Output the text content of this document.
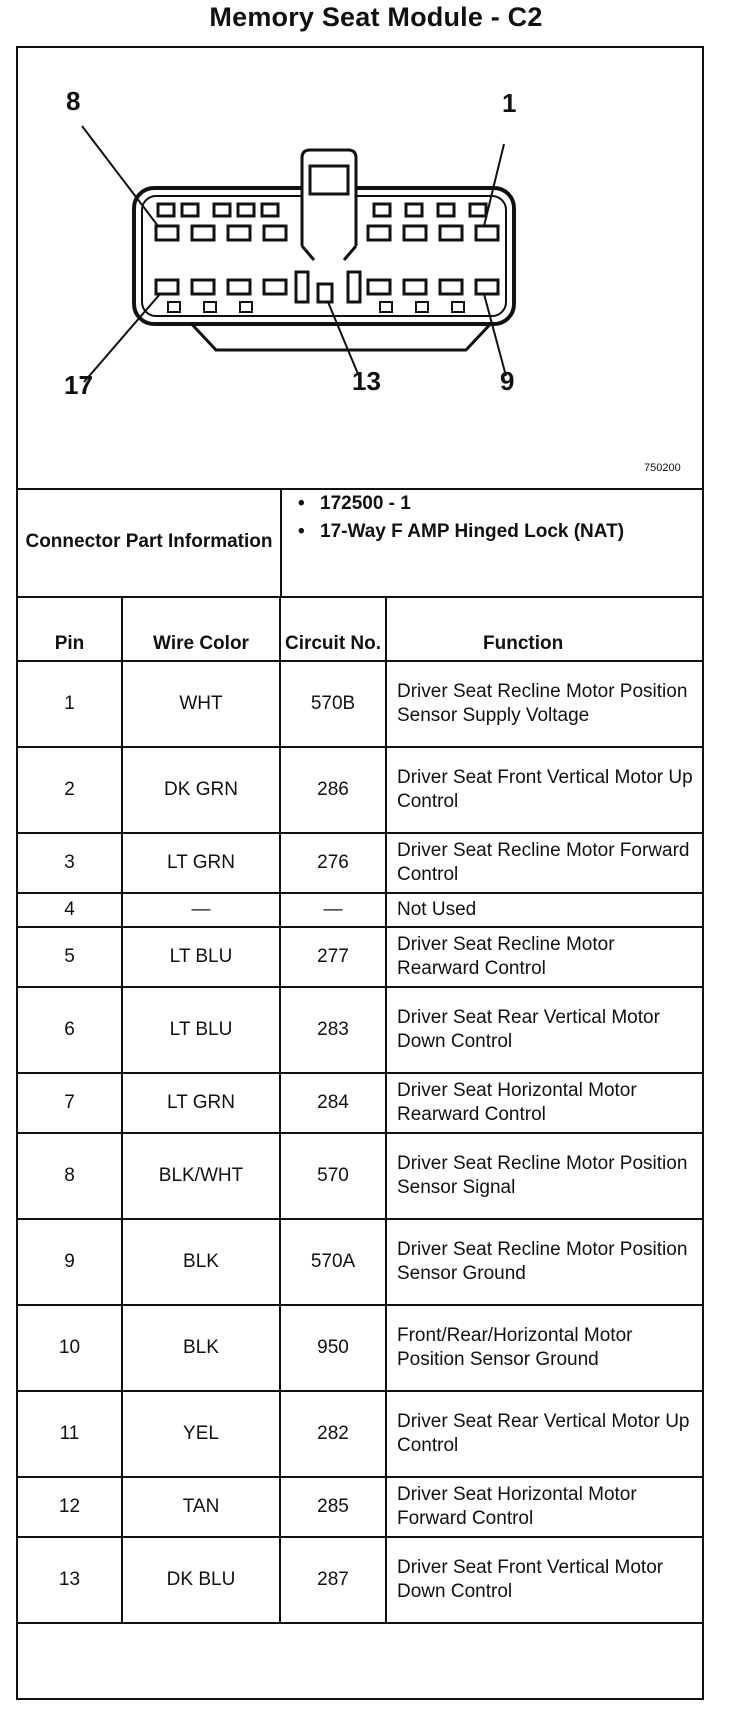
Memory Seat Module - C2
8	1
17	13	9
750200
Connector Part Information
• 172500 - 1
• 17-Way F AMP Hinged Lock (NAT)
Pin	Wire Color	Circuit No.	Function
1	WHT	570B	Driver Seat Recline Motor Position Sensor Supply Voltage
2	DK GRN	286	Driver Seat Front Vertical Motor Up Control
3	LT GRN	276	Driver Seat Recline Motor Forward Control
4	—	—	Not Used
5	LT BLU	277	Driver Seat Recline Motor Rearward Control
6	LT BLU	283	Driver Seat Rear Vertical Motor Down Control
7	LT GRN	284	Driver Seat Horizontal Motor Rearward Control
8	BLK/WHT	570	Driver Seat Recline Motor Position Sensor Signal
9	BLK	570A	Driver Seat Recline Motor Position Sensor Ground
10	BLK	950	Front/Rear/Horizontal Motor Position Sensor Ground
11	YEL	282	Driver Seat Rear Vertical Motor Up Control
12	TAN	285	Driver Seat Horizontal Motor Forward Control
13	DK BLU	287	Driver Seat Front Vertical Motor Down Control
